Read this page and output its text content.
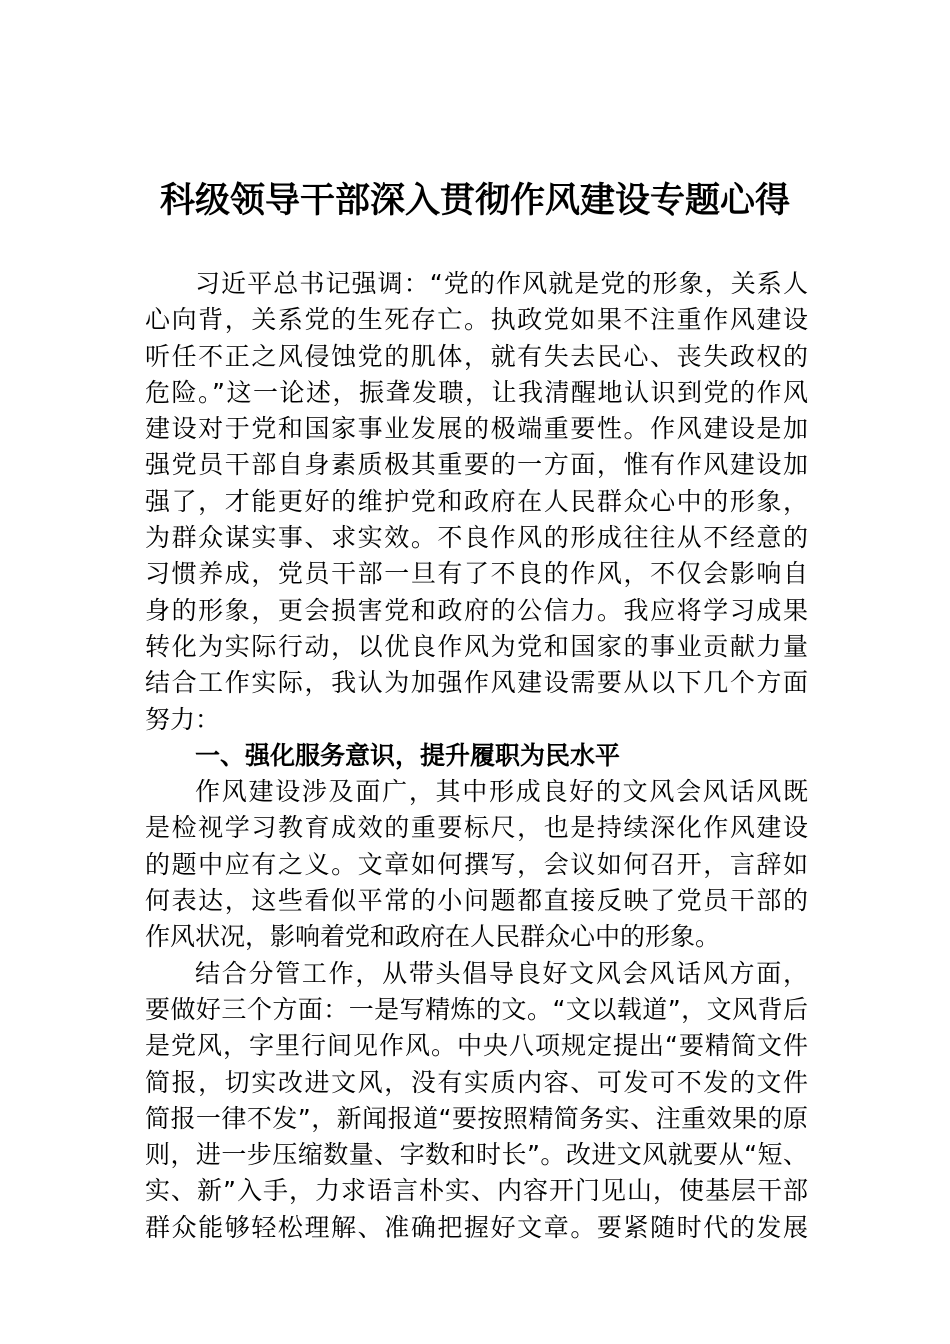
科级领导干部深入贯彻作风建设专题心得
习近平总书记强调：“党的作风就是党的形象，关系人
心向背，关系党的生死存亡。执政党如果不注重作风建设
听任不正之风侵蚀党的肌体，就有失去民心、丧失政权的
危险。”这一论述，振聋发聩，让我清醒地认识到党的作风
建设对于党和国家事业发展的极端重要性。作风建设是加
强党员干部自身素质极其重要的一方面，惟有作风建设加
强了，才能更好的维护党和政府在人民群众心中的形象，
为群众谋实事、求实效。不良作风的形成往往从不经意的
习惯养成，党员干部一旦有了不良的作风，不仅会影响自
身的形象，更会损害党和政府的公信力。我应将学习成果
转化为实际行动，以优良作风为党和国家的事业贡献力量
结合工作实际，我认为加强作风建设需要从以下几个方面
努力：
一、强化服务意识，提升履职为民水平
作风建设涉及面广，其中形成良好的文风会风话风既
是检视学习教育成效的重要标尺，也是持续深化作风建设
的题中应有之义。文章如何撰写，会议如何召开，言辞如
何表达，这些看似平常的小问题都直接反映了党员干部的
作风状况，影响着党和政府在人民群众心中的形象。
结合分管工作，从带头倡导良好文风会风话风方面，
要做好三个方面：一是写精炼的文。“文以载道”，文风背后
是党风，字里行间见作风。中央八项规定提出“要精简文件
简报，切实改进文风，没有实质内容、可发可不发的文件
简报一律不发”，新闻报道“要按照精简务实、注重效果的原
则，进一步压缩数量、字数和时长”。改进文风就要从“短、
实、新”入手，力求语言朴实、内容开门见山，使基层干部
群众能够轻松理解、准确把握好文章。要紧随时代的发展
